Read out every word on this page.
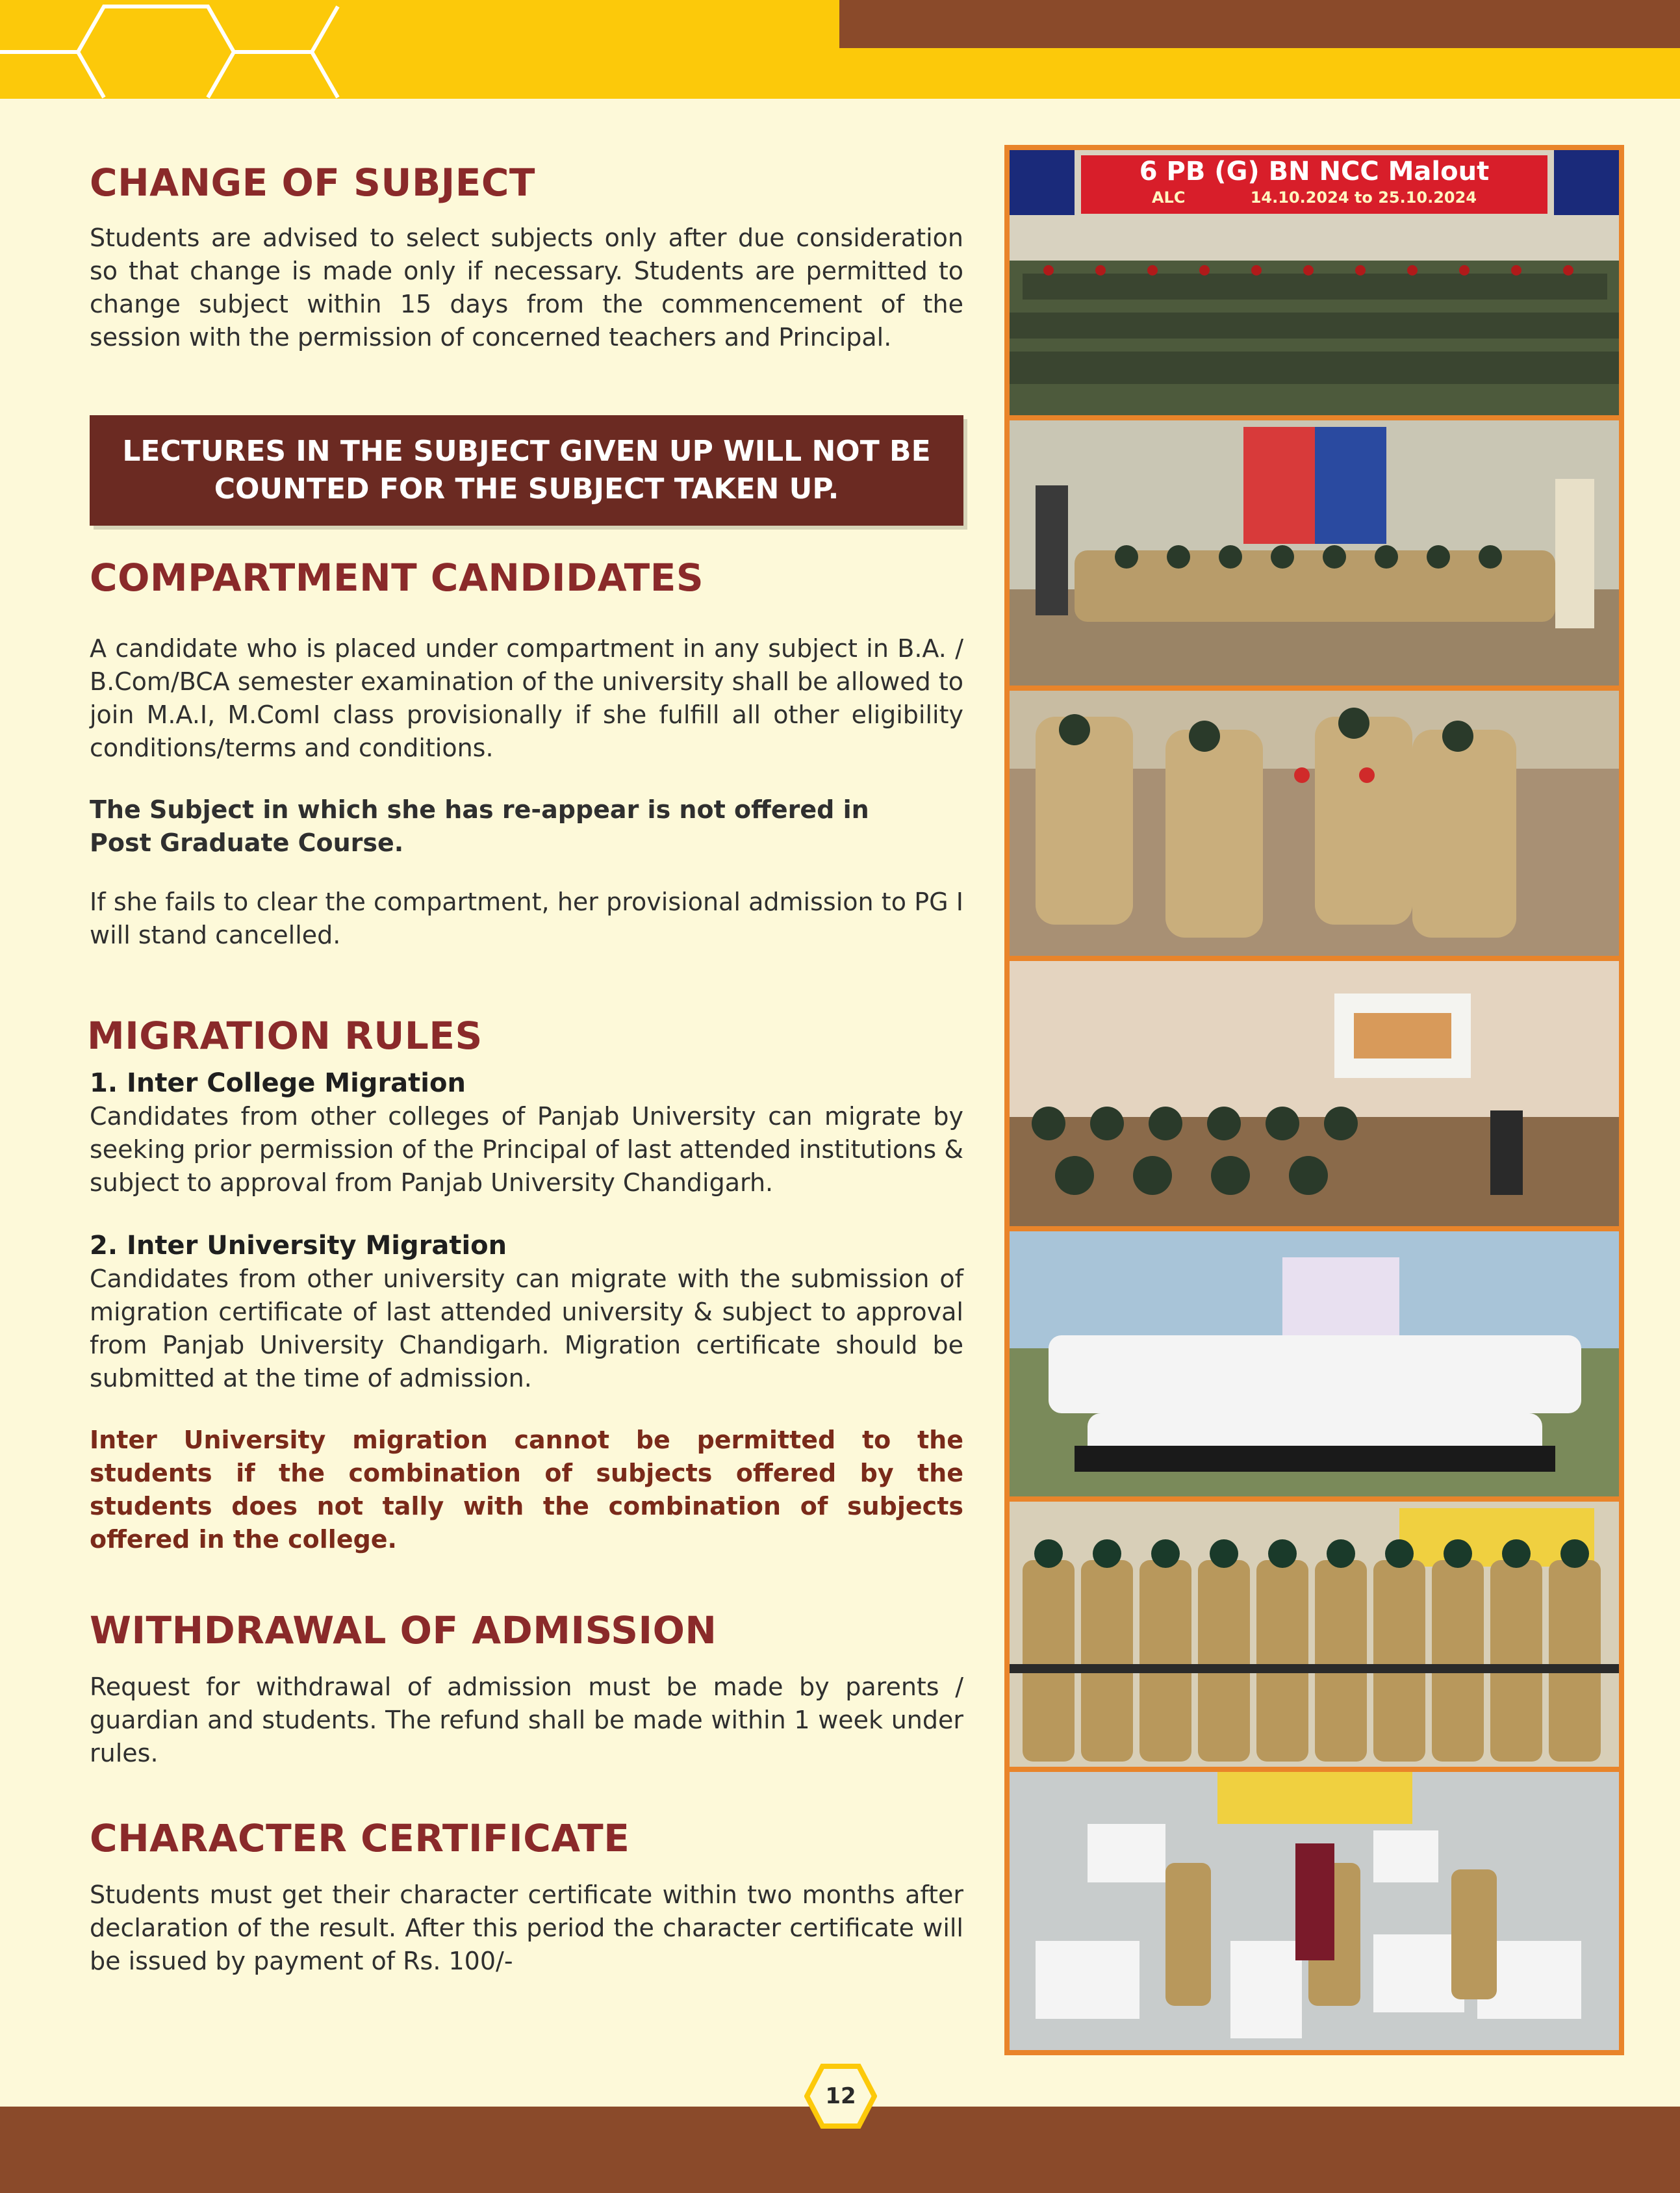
CHANGE OF SUBJECT

Students are advised to select subjects only after due consideration so that change is made only if necessary. Students are permitted to change subject within 15 days from the commencement of the session with the permission of concerned teachers and Principal.

LECTURES IN THE SUBJECT GIVEN UP WILL NOT BE
COUNTED FOR THE SUBJECT TAKEN UP.
COMPARTMENT CANDIDATES

A candidate who is placed under compartment in any subject in B.A. / B.Com/BCA semester examination of the university shall be allowed to join M.A.I, M.ComI class provisionally if she fulfill all other eligibility conditions/terms and conditions.

The Subject in which she has re-appear is not offered in

Post Graduate Course.

If she fails to clear the compartment, her provisional admission to PG I will stand cancelled.

MIGRATION RULES
1. Inter College Migration

Candidates from other colleges of Panjab University can migrate by seeking prior permission of the Principal of last attended institutions & subject to approval from Panjab University Chandigarh.

2. Inter University Migration

Candidates from other university can migrate with the submission of migration certificate of last attended university & subject to approval from Panjab University Chandigarh. Migration certificate should be submitted at the time of admission.

Inter University migration cannot be permitted to the students if the combination of subjects offered by the students does not tally with the combination of subjects offered in the college.

WITHDRAWAL OF ADMISSION

Request for withdrawal of admission must be made by parents / guardian and students. The refund shall be made within 1 week under rules.

CHARACTER CERTIFICATE

Students must get their character certificate within two months after declaration of the result. After this period the character certificate will be issued by payment of Rs. 100/-

6 PB (G) BN NCC Malout
ALC	14.10.2024 to 25.10.2024
12
